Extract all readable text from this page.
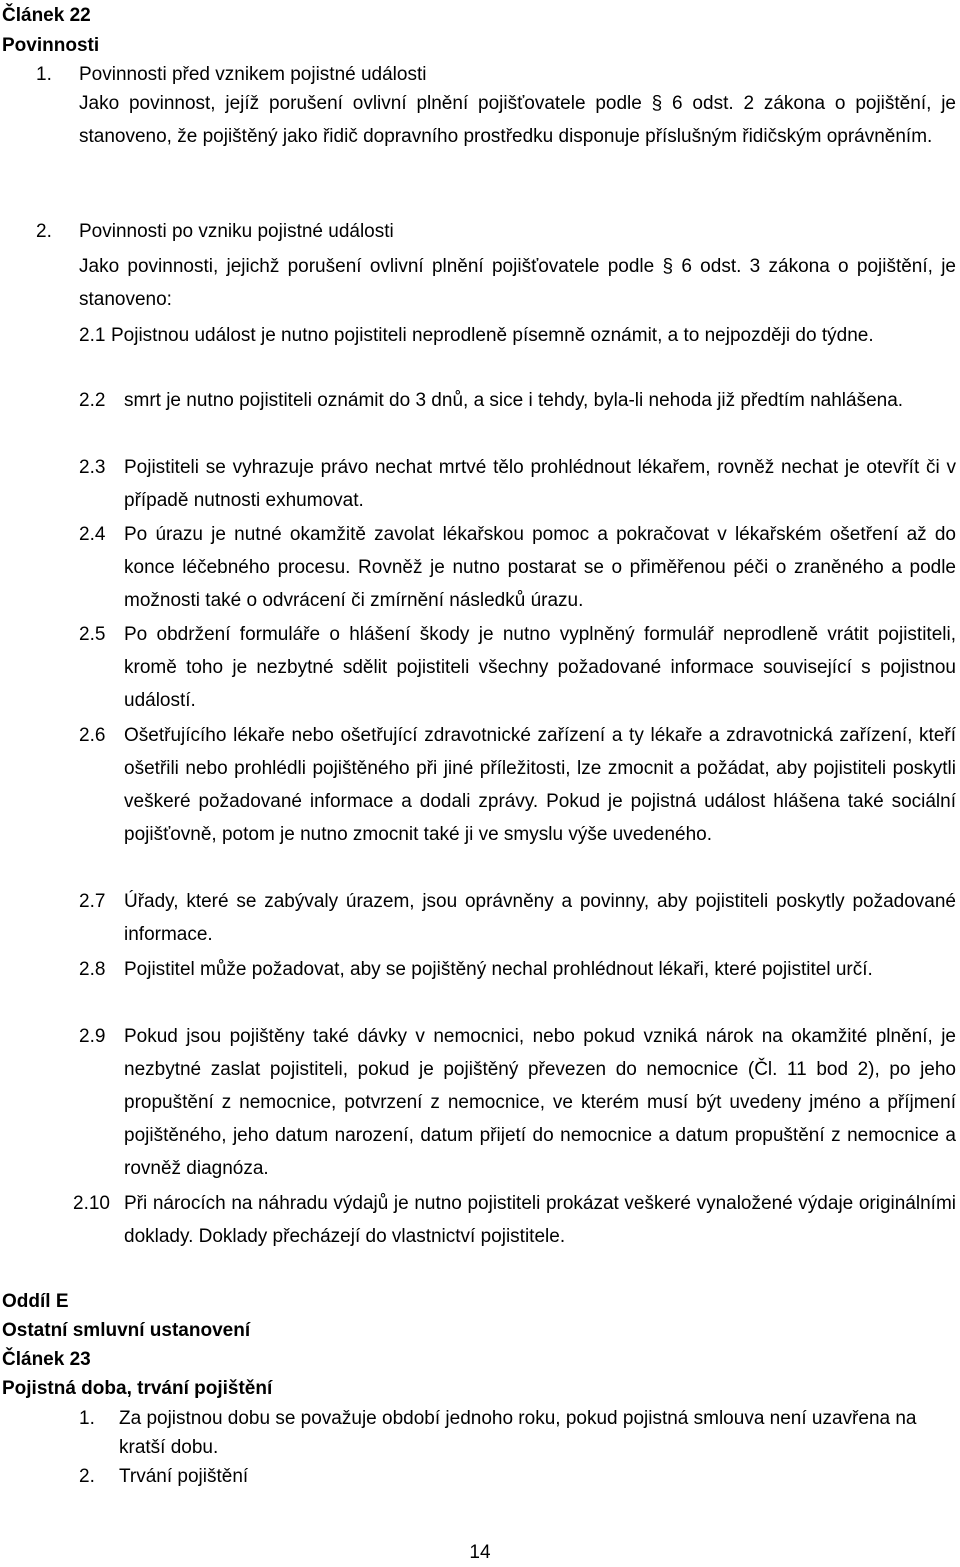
Článek 22
Povinnosti
1. Povinnosti před vznikem pojistné události
Jako povinnost, jejíž porušení ovlivní plnění pojišťovatele podle § 6 odst. 2 zákona o pojištění, je stanoveno, že pojištěný jako řidič dopravního prostředku disponuje příslušným řidičským oprávněním.
2. Povinnosti po vzniku pojistné události
Jako povinnosti, jejichž porušení ovlivní plnění pojišťovatele podle § 6 odst. 3 zákona o pojištění, je stanoveno:
2.1 Pojistnou událost je nutno pojistiteli neprodleně písemně oznámit, a to nejpozději do týdne.
2.2 smrt je nutno pojistiteli oznámit do 3 dnů, a sice i tehdy, byla-li nehoda již předtím nahlášena.
2.3 Pojistiteli se vyhrazuje právo nechat mrtvé tělo prohlédnout lékařem, rovněž nechat je otevřít či v případě nutnosti exhumovat.
2.4 Po úrazu je nutné okamžitě zavolat lékařskou pomoc a pokračovat v lékařském ošetření až do konce léčebného procesu. Rovněž je nutno postarat se o přiměřenou péči o zraněného a podle možnosti také o odvrácení či zmírnění následků úrazu.
2.5 Po obdržení formuláře o hlášení škody je nutno vyplněný formulář neprodleně vrátit pojistiteli, kromě toho je nezbytné sdělit pojistiteli všechny požadované informace související s pojistnou událostí.
2.6 Ošetřujícího lékaře nebo ošetřující zdravotnické zařízení a ty lékaře a zdravotnická zařízení, kteří ošetřili nebo prohlédli pojištěného při jiné příležitosti, lze zmocnit a požádat, aby pojistiteli poskytli veškeré požadované informace a dodali zprávy. Pokud je pojistná událost hlášena také sociální pojišťovně, potom je nutno zmocnit také ji ve smyslu výše uvedeného.
2.7 Úřady, které se zabývaly úrazem, jsou oprávněny a povinny, aby pojistiteli poskytly požadované informace.
2.8 Pojistitel může požadovat, aby se pojištěný nechal prohlédnout lékaři, které pojistitel určí.
2.9 Pokud jsou pojištěny také dávky v nemocnici, nebo pokud vzniká nárok na okamžité plnění, je nezbytné zaslat pojistiteli, pokud je pojištěný převezen do nemocnice (Čl. 11 bod 2), po jeho propuštění z nemocnice, potvrzení z nemocnice, ve kterém musí být uvedeny jméno a příjmení pojištěného, jeho datum narození, datum přijetí do nemocnice a datum propuštění z nemocnice a rovněž diagnóza.
2.10 Při nárocích na náhradu výdajů je nutno pojistiteli prokázat veškeré vynaložené výdaje originálními doklady. Doklady přecházejí do vlastnictví pojistitele.
Oddíl E
Ostatní smluvní ustanovení
Článek 23
Pojistná doba, trvání pojištění
1. Za pojistnou dobu se považuje období jednoho roku, pokud pojistná smlouva není uzavřena na kratší dobu.
2. Trvání pojištění
14
